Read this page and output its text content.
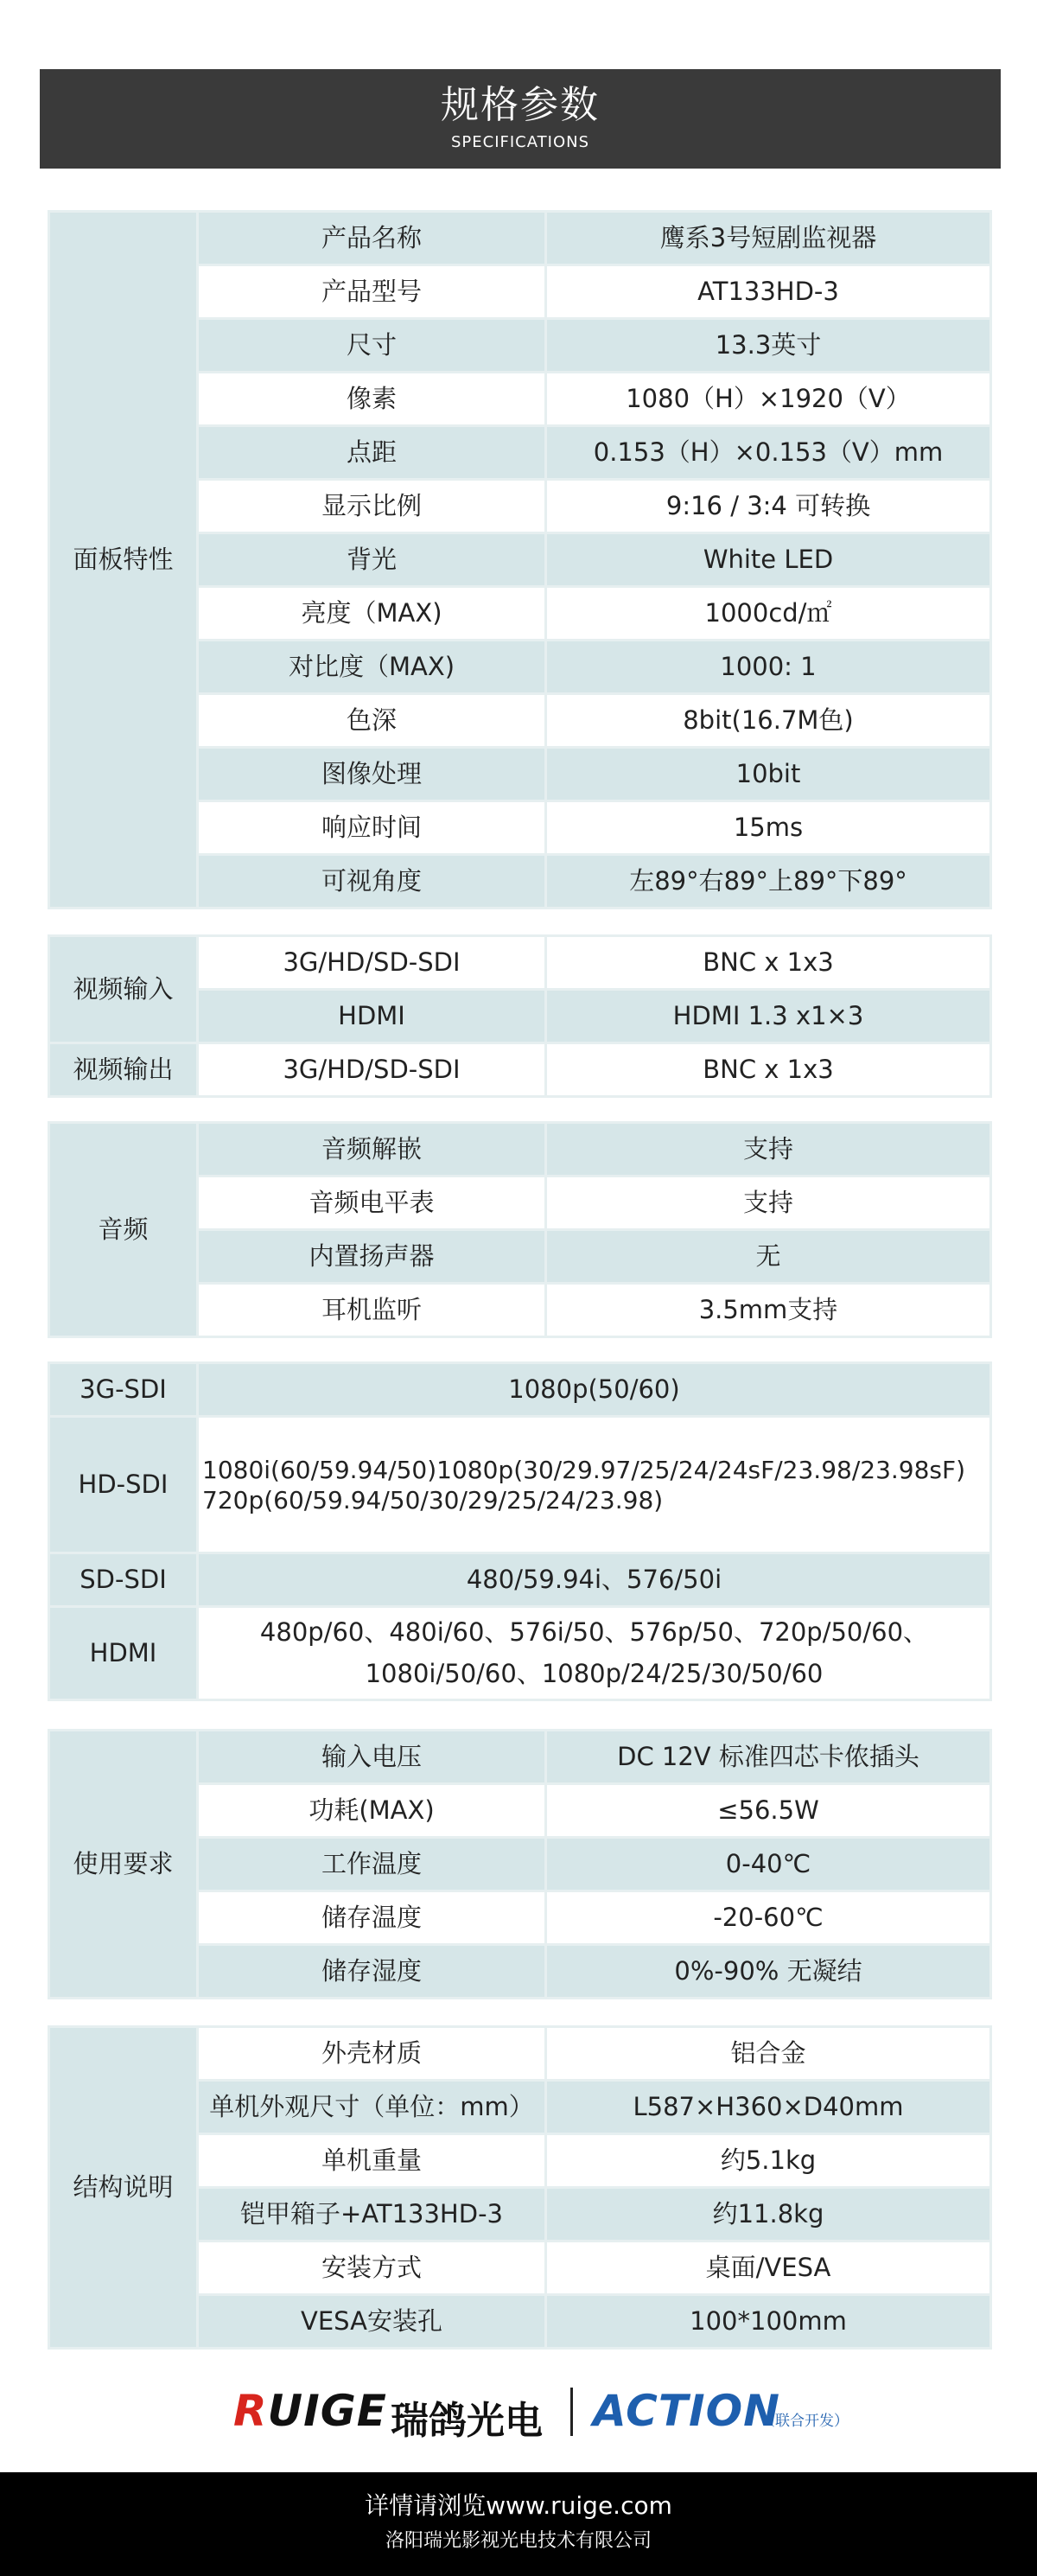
规格参数
SPECIFICATIONS
面板特性	产品名称	鹰系3号短剧监视器
	产品型号	AT133HD-3
	尺寸	13.3英寸
	像素	1080（H）×1920（V）
	点距	0.153（H）×0.153（V）mm
	显示比例	9:16 / 3:4 可转换
	背光	White LED
	亮度（MAX)	1000cd/㎡
	对比度（MAX)	1000: 1
	色深	8bit(16.7M色)
	图像处理	10bit
	响应时间	15ms
	可视角度	左89°右89°上89°下89°
视频输入	3G/HD/SD-SDI	BNC x 1x3
	HDMI	HDMI 1.3 x1×3
视频输出	3G/HD/SD-SDI	BNC x 1x3
音频	音频解嵌	支持
	音频电平表	支持
	内置扬声器	无
	耳机监听	3.5mm支持
3G-SDI	1080p(50/60)
HD-SDI	1080i(60/59.94/50)1080p(30/29.97/25/24/24sF/23.98/23.98sF)
720p(60/59.94/50/30/29/25/24/23.98)

SD-SDI	480/59.94i、576/50i
HDMI	480p/60、480i/60、576i/50、576p/50、720p/50/60、
1080i/50/60、1080p/24/25/30/50/60
使用要求	输入电压	DC 12V 标准四芯卡侬插头
	功耗(MAX)	≤56.5W
	工作温度	0-40℃
	储存温度	-20-60℃
	储存湿度	0%-90% 无凝结
结构说明	外壳材质	铝合金
	单机外观尺寸（单位：mm）	L587×H360×D40mm
	单机重量	约5.1kg
	铠甲箱子+AT133HD-3	约11.8kg
	安装方式	桌面/VESA
	VESA安装孔	100*100mm
RUIGE 瑞鸽光电 ACTION
（联合开发）
详情请浏览www.ruige.com
洛阳瑞光影视光电技术有限公司
